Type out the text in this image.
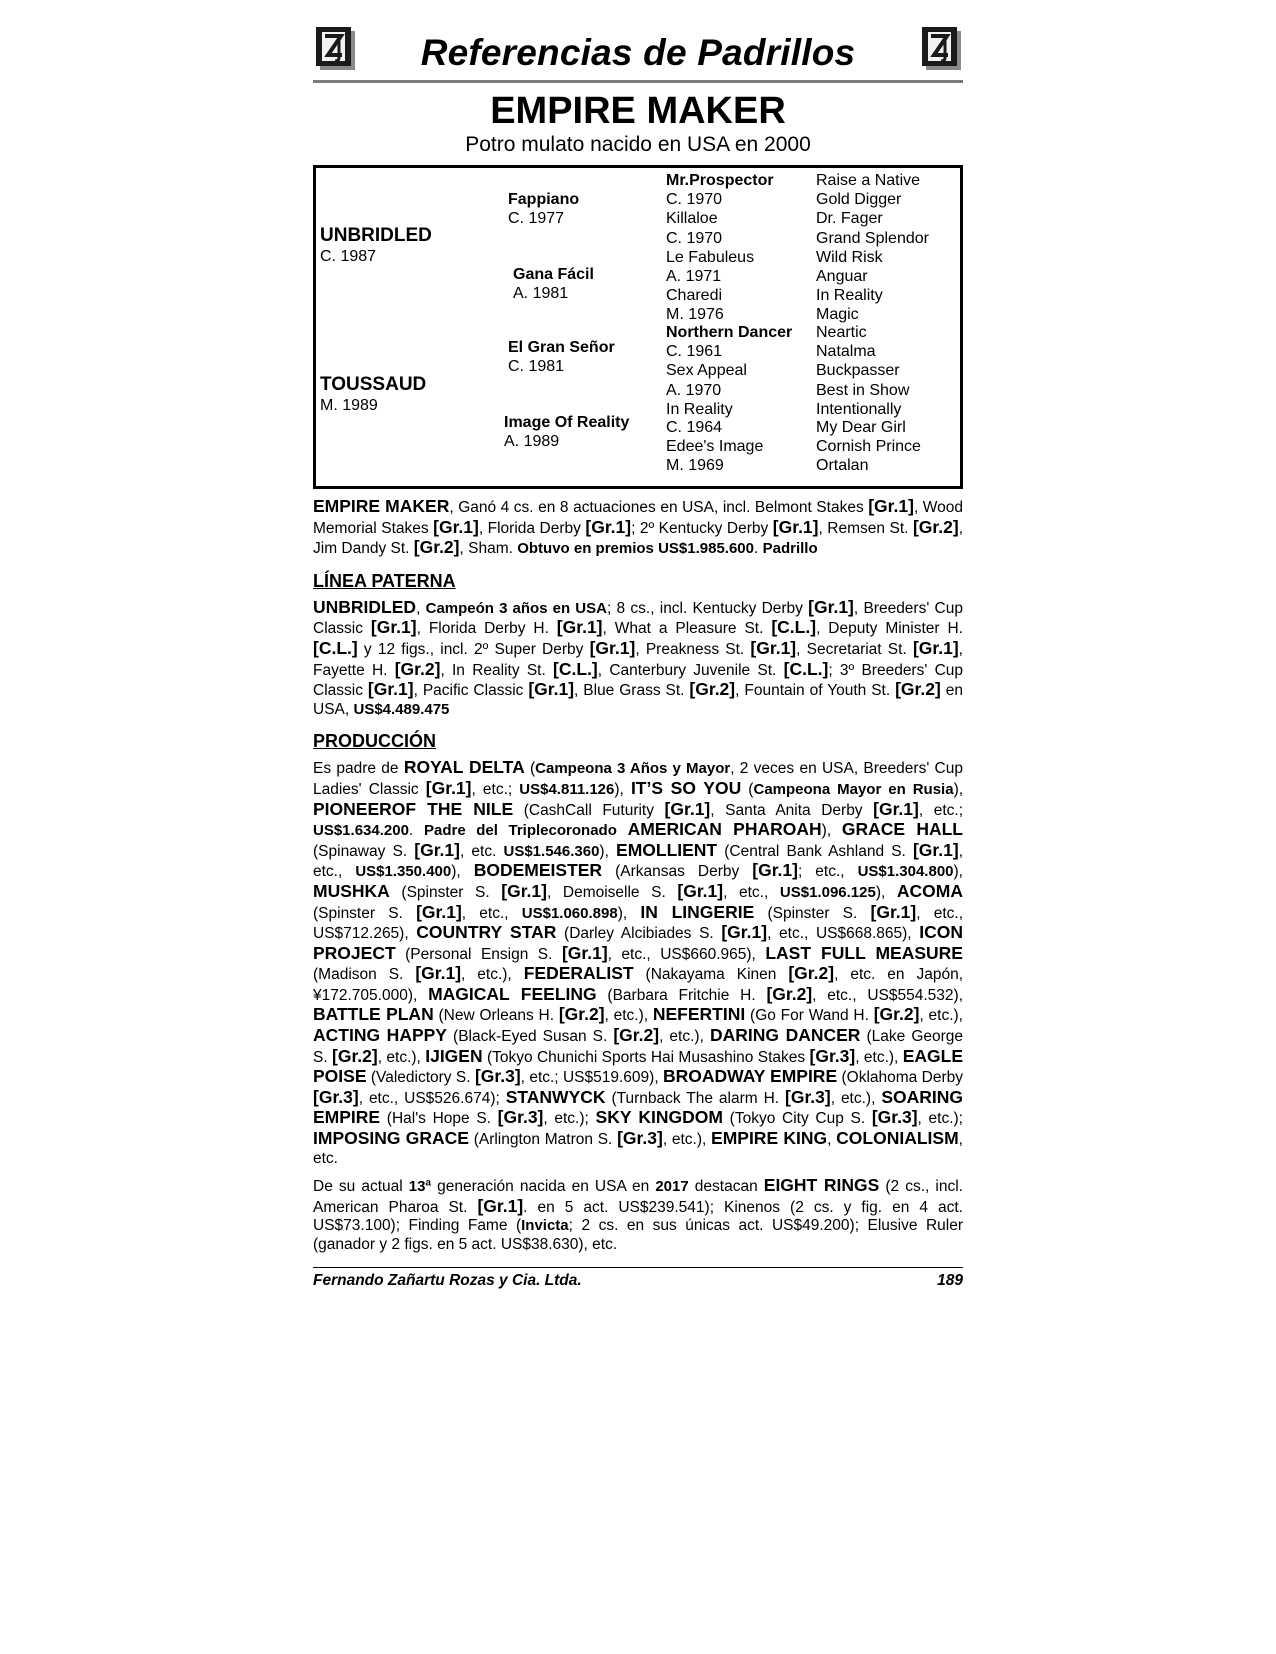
Referencias de Padrillos
EMPIRE MAKER
Potro mulato nacido en USA en 2000
UNBRIDLED
C. 1987
TOUSSAUD
M. 1989
Fappiano
C. 1977
Gana Fácil
A. 1981
El Gran Señor
C. 1981
Image Of Reality
A. 1989
Mr.Prospector
C. 1970
Killaloe
C. 1970
Le Fabuleus
A. 1971
Charedi
M. 1976
Northern Dancer
C. 1961
Sex Appeal
A. 1970
In Reality
C. 1964
Edee's Image
M. 1969
Raise a Native
Gold Digger
Dr. Fager
Grand Splendor
Wild Risk
Anguar
In Reality
Magic
Neartic
Natalma
Buckpasser
Best in Show
Intentionally
My Dear Girl
Cornish Prince
Ortalan

EMPIRE MAKER, Ganó 4 cs. en 8 actuaciones en USA, incl. Belmont Stakes [Gr.1], Wood Memorial Stakes [Gr.1], Florida Derby [Gr.1]; 2º Kentucky Derby [Gr.1], Remsen St. [Gr.2], Jim Dandy St. [Gr.2], Sham. Obtuvo en premios US$1.985.600. Padrillo

LÍNEA PATERNA

UNBRIDLED, Campeón 3 años en USA; 8 cs., incl. Kentucky Derby [Gr.1], Breeders' Cup Classic [Gr.1], Florida Derby H. [Gr.1], What a Pleasure St. [C.L.], Deputy Minister H. [C.L.] y 12 figs., incl. 2º Super Derby [Gr.1], Preakness St. [Gr.1], Secretariat St. [Gr.1], Fayette H. [Gr.2], In Reality St. [C.L.], Canterbury Juvenile St. [C.L.]; 3º Breeders' Cup Classic [Gr.1], Pacific Classic [Gr.1], Blue Grass St. [Gr.2], Fountain of Youth St. [Gr.2] en USA, US$4.489.475

PRODUCCIÓN

Es padre de ROYAL DELTA (Campeona 3 Años y Mayor, 2 veces en USA, Breeders' Cup Ladies' Classic [Gr.1], etc.; US$4.811.126), IT’S SO YOU (Campeona Mayor en Rusia), PIONEEROF THE NILE (CashCall Futurity [Gr.1], Santa Anita Derby [Gr.1], etc.; US$1.634.200. Padre del Triplecoronado AMERICAN PHAROAH), GRACE HALL (Spinaway S. [Gr.1], etc. US$1.546.360), EMOLLIENT (Central Bank Ashland S. [Gr.1], etc., US$1.350.400), BODEMEISTER (Arkansas Derby [Gr.1]; etc., US$1.304.800), MUSHKA (Spinster S. [Gr.1], Demoiselle S. [Gr.1], etc., US$1.096.125), ACOMA (Spinster S. [Gr.1], etc., US$1.060.898), IN LINGERIE (Spinster S. [Gr.1], etc., US$712.265), COUNTRY STAR (Darley Alcibiades S. [Gr.1], etc., US$668.865), ICON PROJECT (Personal Ensign S. [Gr.1], etc., US$660.965), LAST FULL MEASURE (Madison S. [Gr.1], etc.), FEDERALIST (Nakayama Kinen [Gr.2], etc. en Japón, ¥172.705.000), MAGICAL FEELING (Barbara Fritchie H. [Gr.2], etc., US$554.532), BATTLE PLAN (New Orleans H. [Gr.2], etc.), NEFERTINI (Go For Wand H. [Gr.2], etc.), ACTING HAPPY (Black-Eyed Susan S. [Gr.2], etc.), DARING DANCER (Lake George S. [Gr.2], etc.), IJIGEN (Tokyo Chunichi Sports Hai Musashino Stakes [Gr.3], etc.), EAGLE POISE (Valedictory S. [Gr.3], etc.; US$519.609), BROADWAY EMPIRE (Oklahoma Derby [Gr.3], etc., US$526.674); STANWYCK (Turnback The alarm H. [Gr.3], etc.), SOARING EMPIRE (Hal's Hope S. [Gr.3], etc.); SKY KINGDOM (Tokyo City Cup S. [Gr.3], etc.); IMPOSING GRACE (Arlington Matron S. [Gr.3], etc.), EMPIRE KING, COLONIALISM, etc.

De su actual 13ª generación nacida en USA en 2017 destacan EIGHT RINGS (2 cs., incl. American Pharoa St. [Gr.1]. en 5 act. US$239.541); Kinenos (2 cs. y fig. en 4 act. US$73.100); Finding Fame (Invicta; 2 cs. en sus únicas act. US$49.200); Elusive Ruler (ganador y 2 figs. en 5 act. US$38.630), etc.

Fernando Zañartu Rozas y Cia. Ltda.	189
